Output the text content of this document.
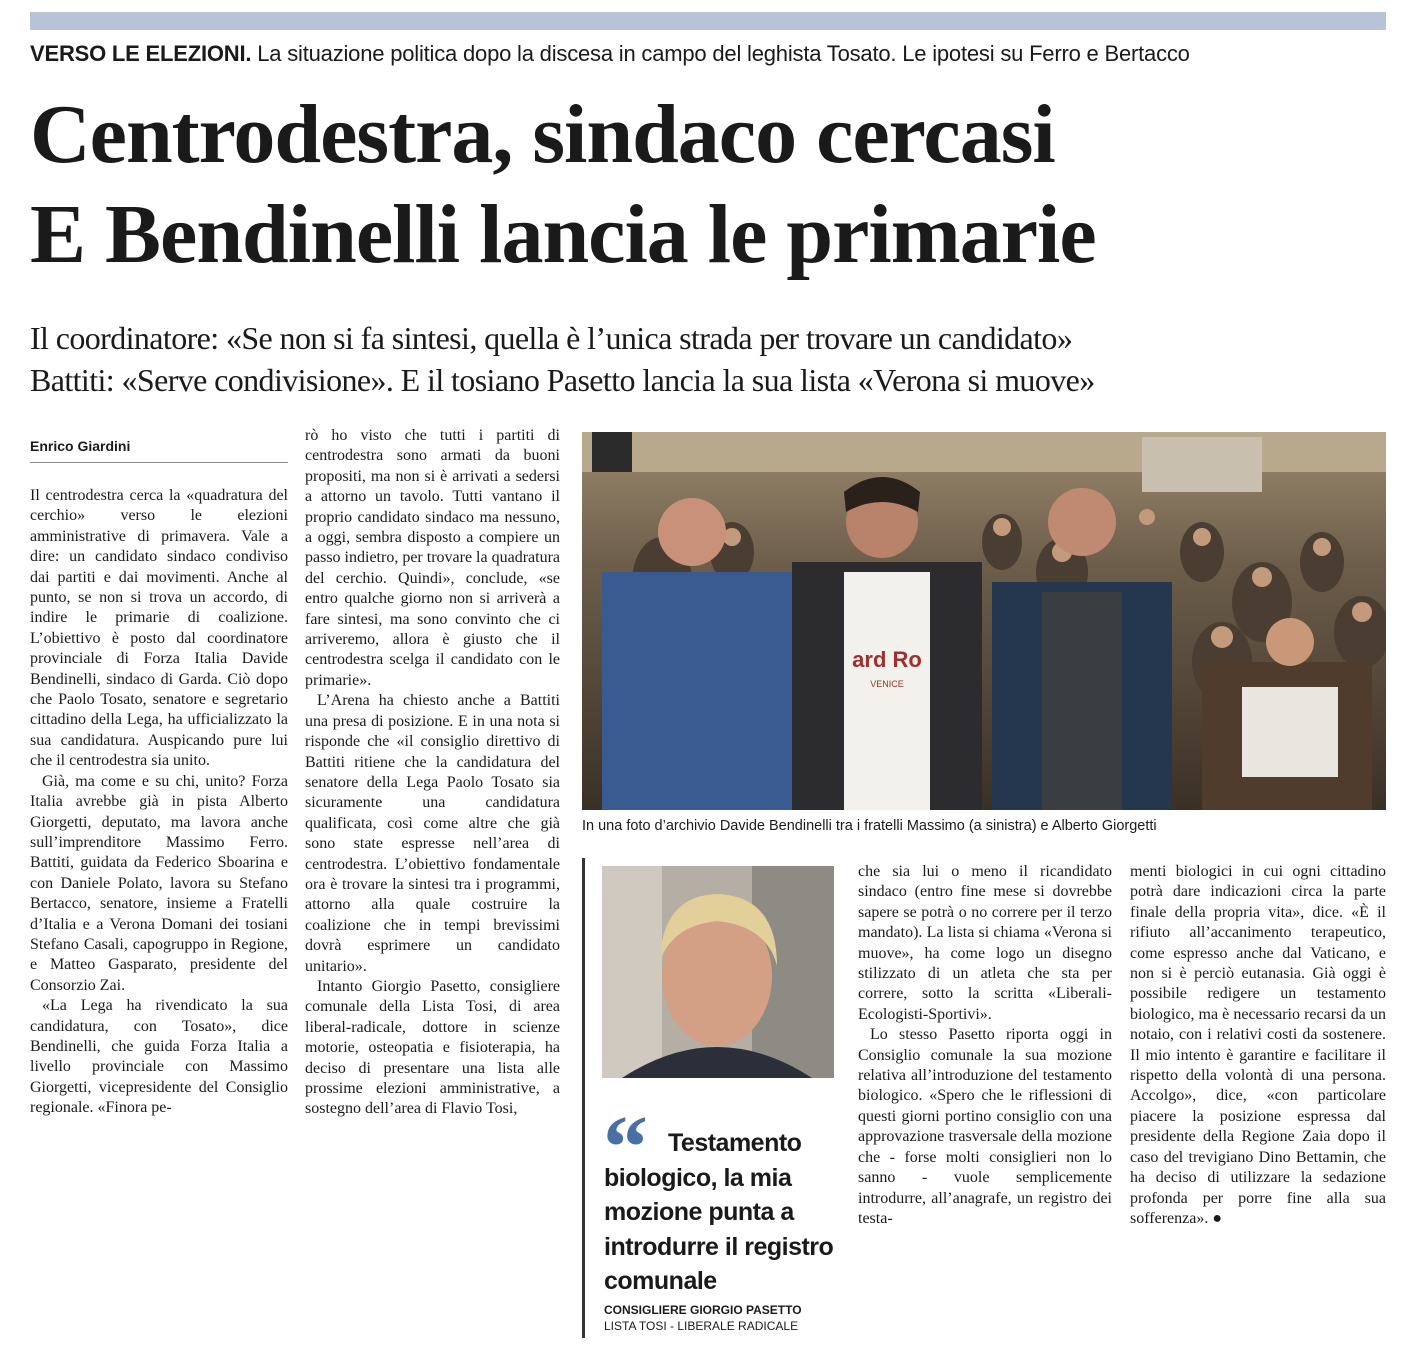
VERSO LE ELEZIONI. La situazione politica dopo la discesa in campo del leghista Tosato. Le ipotesi su Ferro e Bertacco
Centrodestra, sindaco cercasi
E Bendinelli lancia le primarie
Il coordinatore: «Se non si fa sintesi, quella è l’unica strada per trovare un candidato»
Battiti: «Serve condivisione». E il tosiano Pasetto lancia la sua lista «Verona si muove»
Enrico Giardini

Il centrodestra cerca la «quadratura del cerchio» verso le elezioni amministrative di primavera. Vale a dire: un candidato sindaco condiviso dai partiti e dai movimenti. Anche al punto, se non si trova un accordo, di indire le primarie di coalizione. L’obiettivo è posto dal coordinatore provinciale di Forza Italia Davide Bendinelli, sindaco di Garda. Ciò dopo che Paolo Tosato, senatore e segretario cittadino della Lega, ha ufficializzato la sua candidatura. Auspicando pure lui che il centrodestra sia unito.

Già, ma come e su chi, unito? Forza Italia avrebbe già in pista Alberto Giorgetti, deputato, ma lavora anche sull’imprenditore Massimo Ferro. Battiti, guidata da Federico Sboarina e con Daniele Polato, lavora su Stefano Bertacco, senatore, insieme a Fratelli d’Italia e a Verona Domani dei tosiani Stefano Casali, capogruppo in Regione, e Matteo Gasparato, presidente del Consorzio Zai.

«La Lega ha rivendicato la sua candidatura, con Tosato», dice Bendinelli, che guida Forza Italia a livello provinciale con Massimo Giorgetti, vicepresidente del Consiglio regionale. «Finora pe-

rò ho visto che tutti i partiti di centrodestra sono armati da buoni propositi, ma non si è arrivati a sedersi a attorno un tavolo. Tutti vantano il proprio candidato sindaco ma nessuno, a oggi, sembra disposto a compiere un passo indietro, per trovare la quadratura del cerchio. Quindi», conclude, «se entro qualche giorno non si arriverà a fare sintesi, ma sono convinto che ci arriveremo, allora è giusto che il centrodestra scelga il candidato con le primarie».

L’Arena ha chiesto anche a Battiti una presa di posizione. E in una nota si risponde che «il consiglio direttivo di Battiti ritiene che la candidatura del senatore della Lega Paolo Tosato sia sicuramente una candidatura qualificata, così come altre che già sono state espresse nell’area di centrodestra. L’obiettivo fondamentale ora è trovare la sintesi tra i programmi, attorno alla quale costruire la coalizione che in tempi brevissimi dovrà esprimere un candidato unitario».

Intanto Giorgio Pasetto, consigliere comunale della Lista Tosi, di area liberal-radicale, dottore in scienze motorie, osteopatia e fisioterapia, ha deciso di presentare una lista alle prossime elezioni amministrative, a sostegno dell’area di Flavio Tosi,

ard Ro
VENICE
In una foto d’archivio Davide Bendinelli tra i fratelli Massimo (a sinistra) e Alberto Giorgetti
“ Testamento
biologico, la mia mozione punta a introdurre il registro comunale
CONSIGLIERE GIORGIO PASETTO
LISTA TOSI - LIBERALE RADICALE

che sia lui o meno il ricandidato sindaco (entro fine mese si dovrebbe sapere se potrà o no correre per il terzo mandato). La lista si chiama «Verona si muove», ha come logo un disegno stilizzato di un atleta che sta per correre, sotto la scritta «Liberali-Ecologisti-Sportivi».

Lo stesso Pasetto riporta oggi in Consiglio comunale la sua mozione relativa all’introduzione del testamento biologico. «Spero che le riflessioni di questi giorni portino consiglio con una approvazione trasversale della mozione che - forse molti consiglieri non lo sanno - vuole semplicemente introdurre, all’anagrafe, un registro dei testa-

menti biologici in cui ogni cittadino potrà dare indicazioni circa la parte finale della propria vita», dice. «È il rifiuto all’accanimento terapeutico, come espresso anche dal Vaticano, e non si è perciò eutanasia. Già oggi è possibile redigere un testamento biologico, ma è necessario recarsi da un notaio, con i relativi costi da sostenere. Il mio intento è garantire e facilitare il rispetto della volontà di una persona. Accolgo», dice, «con particolare piacere la posizione espressa dal presidente della Regione Zaia dopo il caso del trevigiano Dino Bettamin, che ha deciso di utilizzare la sedazione profonda per porre fine alla sua sofferenza». ●
